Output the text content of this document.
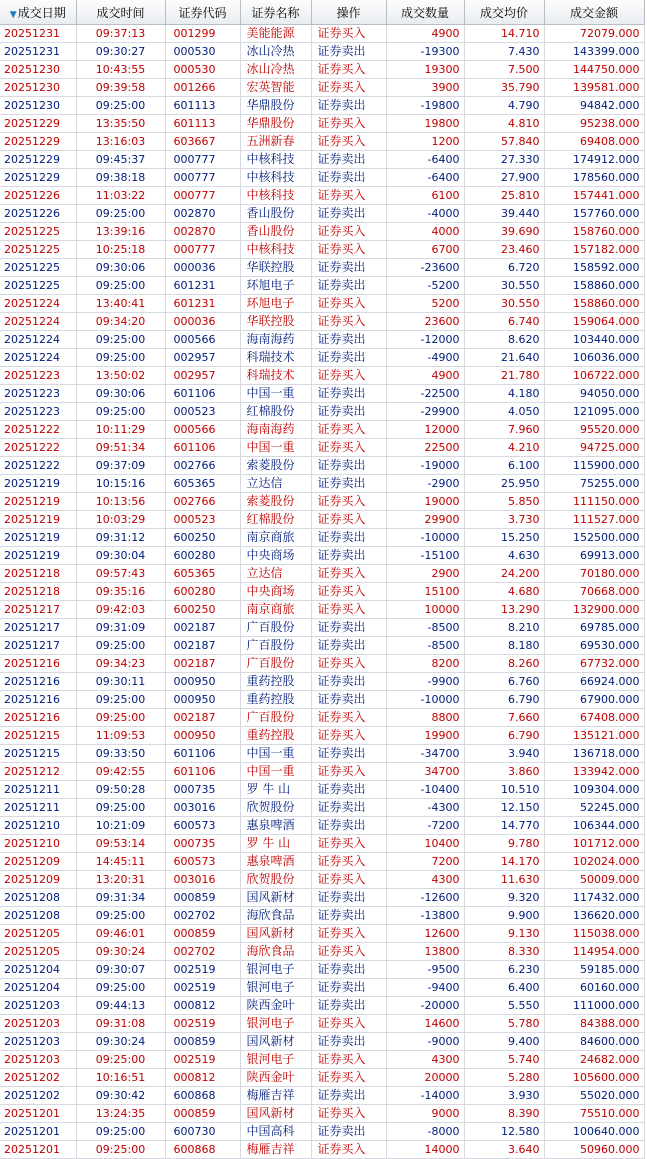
▼成交日期	成交时间	证券代码	证券名称	操作	成交数量	成交均价	成交金额
20251231	09:37:13	001299	美能能源	证券买入	4900	14.710	72079.000
20251231	09:30:27	000530	冰山冷热	证券卖出	-19300	7.430	143399.000
20251230	10:43:55	000530	冰山冷热	证券买入	19300	7.500	144750.000
20251230	09:39:58	001266	宏英智能	证券买入	3900	35.790	139581.000
20251230	09:25:00	601113	华鼎股份	证券卖出	-19800	4.790	94842.000
20251229	13:35:50	601113	华鼎股份	证券买入	19800	4.810	95238.000
20251229	13:16:03	603667	五洲新春	证券买入	1200	57.840	69408.000
20251229	09:45:37	000777	中核科技	证券卖出	-6400	27.330	174912.000
20251229	09:38:18	000777	中核科技	证券卖出	-6400	27.900	178560.000
20251226	11:03:22	000777	中核科技	证券买入	6100	25.810	157441.000
20251226	09:25:00	002870	香山股份	证券卖出	-4000	39.440	157760.000
20251225	13:39:16	002870	香山股份	证券买入	4000	39.690	158760.000
20251225	10:25:18	000777	中核科技	证券买入	6700	23.460	157182.000
20251225	09:30:06	000036	华联控股	证券卖出	-23600	6.720	158592.000
20251225	09:25:00	601231	环旭电子	证券卖出	-5200	30.550	158860.000
20251224	13:40:41	601231	环旭电子	证券买入	5200	30.550	158860.000
20251224	09:34:20	000036	华联控股	证券买入	23600	6.740	159064.000
20251224	09:25:00	000566	海南海药	证券卖出	-12000	8.620	103440.000
20251224	09:25:00	002957	科瑞技术	证券卖出	-4900	21.640	106036.000
20251223	13:50:02	002957	科瑞技术	证券买入	4900	21.780	106722.000
20251223	09:30:06	601106	中国一重	证券卖出	-22500	4.180	94050.000
20251223	09:25:00	000523	红棉股份	证券卖出	-29900	4.050	121095.000
20251222	10:11:29	000566	海南海药	证券买入	12000	7.960	95520.000
20251222	09:51:34	601106	中国一重	证券买入	22500	4.210	94725.000
20251222	09:37:09	002766	索菱股份	证券卖出	-19000	6.100	115900.000
20251219	10:15:16	605365	立达信	证券卖出	-2900	25.950	75255.000
20251219	10:13:56	002766	索菱股份	证券买入	19000	5.850	111150.000
20251219	10:03:29	000523	红棉股份	证券买入	29900	3.730	111527.000
20251219	09:31:12	600250	南京商旅	证券卖出	-10000	15.250	152500.000
20251219	09:30:04	600280	中央商场	证券卖出	-15100	4.630	69913.000
20251218	09:57:43	605365	立达信	证券买入	2900	24.200	70180.000
20251218	09:35:16	600280	中央商场	证券买入	15100	4.680	70668.000
20251217	09:42:03	600250	南京商旅	证券买入	10000	13.290	132900.000
20251217	09:31:09	002187	广百股份	证券卖出	-8500	8.210	69785.000
20251217	09:25:00	002187	广百股份	证券卖出	-8500	8.180	69530.000
20251216	09:34:23	002187	广百股份	证券买入	8200	8.260	67732.000
20251216	09:30:11	000950	重药控股	证券卖出	-9900	6.760	66924.000
20251216	09:25:00	000950	重药控股	证券卖出	-10000	6.790	67900.000
20251216	09:25:00	002187	广百股份	证券买入	8800	7.660	67408.000
20251215	11:09:53	000950	重药控股	证券买入	19900	6.790	135121.000
20251215	09:33:50	601106	中国一重	证券卖出	-34700	3.940	136718.000
20251212	09:42:55	601106	中国一重	证券买入	34700	3.860	133942.000
20251211	09:50:28	000735	罗 牛 山	证券卖出	-10400	10.510	109304.000
20251211	09:25:00	003016	欣贺股份	证券卖出	-4300	12.150	52245.000
20251210	10:21:09	600573	惠泉啤酒	证券卖出	-7200	14.770	106344.000
20251210	09:53:14	000735	罗 牛 山	证券买入	10400	9.780	101712.000
20251209	14:45:11	600573	惠泉啤酒	证券买入	7200	14.170	102024.000
20251209	13:20:31	003016	欣贺股份	证券买入	4300	11.630	50009.000
20251208	09:31:34	000859	国风新材	证券卖出	-12600	9.320	117432.000
20251208	09:25:00	002702	海欣食品	证券卖出	-13800	9.900	136620.000
20251205	09:46:01	000859	国风新材	证券买入	12600	9.130	115038.000
20251205	09:30:24	002702	海欣食品	证券买入	13800	8.330	114954.000
20251204	09:30:07	002519	银河电子	证券卖出	-9500	6.230	59185.000
20251204	09:25:00	002519	银河电子	证券卖出	-9400	6.400	60160.000
20251203	09:44:13	000812	陕西金叶	证券卖出	-20000	5.550	111000.000
20251203	09:31:08	002519	银河电子	证券买入	14600	5.780	84388.000
20251203	09:30:24	000859	国风新材	证券卖出	-9000	9.400	84600.000
20251203	09:25:00	002519	银河电子	证券买入	4300	5.740	24682.000
20251202	10:16:51	000812	陕西金叶	证券买入	20000	5.280	105600.000
20251202	09:30:42	600868	梅雁吉祥	证券卖出	-14000	3.930	55020.000
20251201	13:24:35	000859	国风新材	证券买入	9000	8.390	75510.000
20251201	09:25:00	600730	中国高科	证券卖出	-8000	12.580	100640.000
20251201	09:25:00	600868	梅雁吉祥	证券买入	14000	3.640	50960.000
